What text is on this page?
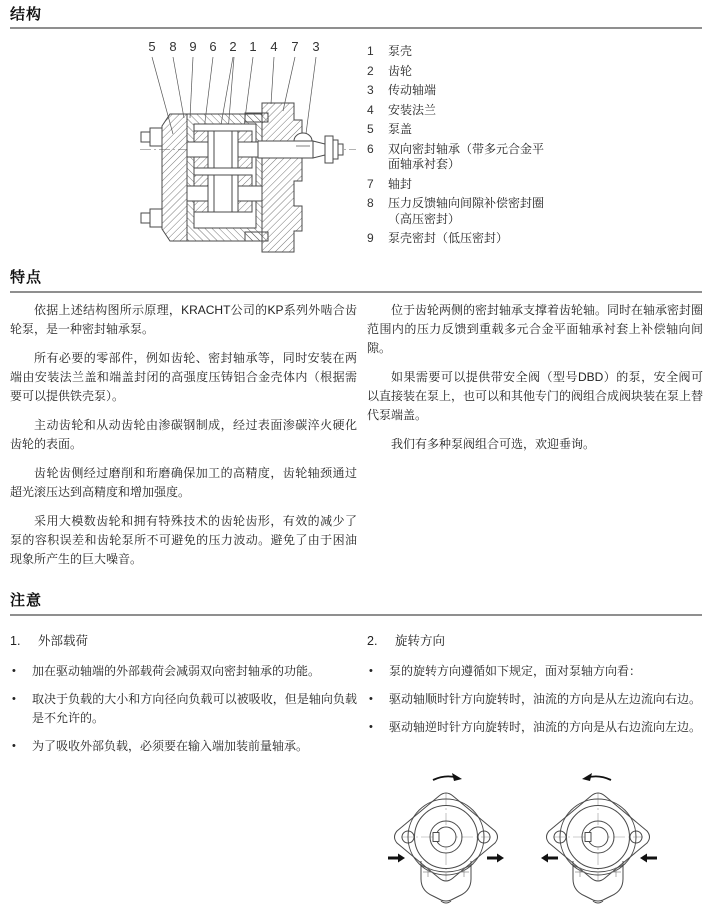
结构
5 8 9 6 2 1 4 7 3	1	泵壳
2	齿轮
3	传动轴端
4	安装法兰
5	泵盖
6	双向密封轴承（带多元合金平面轴承衬套）
7	轴封
8	压力反馈轴向间隙补偿密封圈（高压密封）
9	泵壳密封（低压密封）
特点

依据上述结构图所示原理，KRACHT公司的KP系列外啮合齿轮泵，是一种密封轴承泵。

所有必要的零部件，例如齿轮、密封轴承等，同时安装在两端由安装法兰盖和端盖封闭的高强度压铸铝合金壳体内（根据需要可以提供铁壳泵）。

主动齿轮和从动齿轮由渗碳钢制成，经过表面渗碳淬火硬化齿轮的表面。

齿轮齿侧经过磨削和珩磨确保加工的高精度，齿轮轴颈通过超光滚压达到高精度和增加强度。

采用大模数齿轮和拥有特殊技术的齿轮齿形，有效的减少了泵的容积误差和齿轮泵所不可避免的压力波动。避免了由于困油现象所产生的巨大噪音。

位于齿轮两侧的密封轴承支撑着齿轮轴。同时在轴承密封圈范围内的压力反馈到重载多元合金平面轴承衬套上补偿轴向间隙。

如果需要可以提供带安全阀（型号DBD）的泵，安全阀可以直接装在泵上，也可以和其他专门的阀组合成阀块装在泵上替代泵端盖。

我们有多种泵阀组合可选，欢迎垂询。

注意
1.	外部载荷
•	加在驱动轴端的外部载荷会减弱双向密封轴承的功能。
•	取决于负载的大小和方向径向负载可以被吸收，但是轴向负载是不允许的。
•	为了吸收外部负载，必须要在输入端加装前量轴承。
2.	旋转方向
•	泵的旋转方向遵循如下规定，面对泵轴方向看：
•	驱动轴顺时针方向旋转时，油流的方向是从左边流向右边。
•	驱动轴逆时针方向旋转时，油流的方向是从右边流向左边。
